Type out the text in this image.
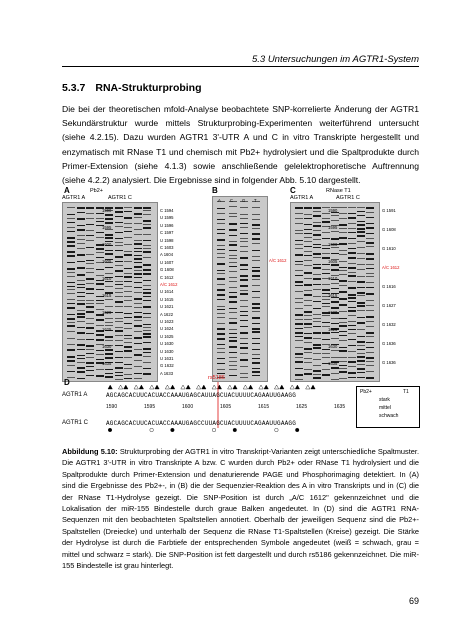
5.3 Untersuchungen im AGTR1-System
5.3.7 RNA-Strukturprobing
Die bei der theoretischen mfold-Analyse beobachtete SNP-korrelierte Änderung der AGTR1 Sekundärstruktur wurde mittels Strukturprobing-Experimenten weiterführend untersucht (siehe 4.2.15). Dazu wurden AGTR1 3'-UTR A und C in vitro Transkripte hergestellt und enzymatisch mit RNase T1 und chemisch mit Pb2+ hydrolysiert und die Spaltprodukte durch Primer-Extension (siehe 4.1.3) sowie anschließende gelelektrophoretische Auftrennung (siehe 4.2.2) analysiert. Die Ergebnisse sind in folgender Abb. 5.10 dargestellt.
A
AGTR1 A
Pb2+
AGTR1 C
1590
1595
1600
1605
1610
1615
1620
1625
1630
1635
C 1594
U 1595
U 1596
C 1597
U 1598
C 1603
A 1604
U 1607
G 1608
C 1612
A/C 1612
U 1614
U 1615
U 1621
A 1622
U 1623
U 1624
U 1625
U 1630
U 1630
U 1631
G 1632
A 1633
B
A C G T
A/C 1612
C
AGTR1 A
RNase T1
AGTR1 C
1590
1595
1600
1605
1610
1615
1620
1625
1630
1635
G 1591
G 1608
G 1610
A/C 1612
G 1616
G 1627
G 1632
G 1636
G 1636
D	rs5186
AGTR1 A	AGCAGCACUUCACUACCAAAUGAGCAUUAGCUACUUUUCAGAAUUGAAGG
1590	1595	1600	1605	1615	1625	1635
AGTR1 C	AGCAGCACUUCACUACCAAAUGAGCCUUAGCUACUUUUCAGAAUUGAAGG
Pb2+	T1
stark
mittel
schwach
Abbildung 5.10: Strukturprobing der AGTR1 in vitro Transkript-Varianten zeigt unterschiedliche Spaltmuster. Die AGTR1 3'-UTR in vitro Transkripte A bzw. C wurden durch Pb2+ oder RNase T1 hydrolysiert und die Spaltprodukte durch Primer-Extension und denaturierende PAGE und Phosphorimaging detektiert. In (A) sind die Ergebnisse des Pb2+-, in (B) die der Sequenzier-Reaktion des A in vitro Transkripts und in (C) die der RNase T1-Hydrolyse gezeigt. Die SNP-Position ist durch „A/C 1612" gekennzeichnet und die Lokalisation der miR-155 Bindestelle durch graue Balken angedeutet. In (D) sind die AGTR1 RNA-Sequenzen mit den beobachteten Spaltstellen annotiert. Oberhalb der jeweiligen Sequenz sind die Pb2+-Spaltstellen (Dreiecke) und unterhalb der Sequenz die RNase T1-Spaltstellen (Kreise) gezeigt. Die Stärke der Hydrolyse ist durch die Farbtiefe der entsprechenden Symbole angedeutet (weiß = schwach, grau = mittel und schwarz = stark). Die SNP-Position ist fett dargestellt und durch rs5186 gekennzeichnet. Die miR-155 Bindestelle ist grau hinterlegt.
69
